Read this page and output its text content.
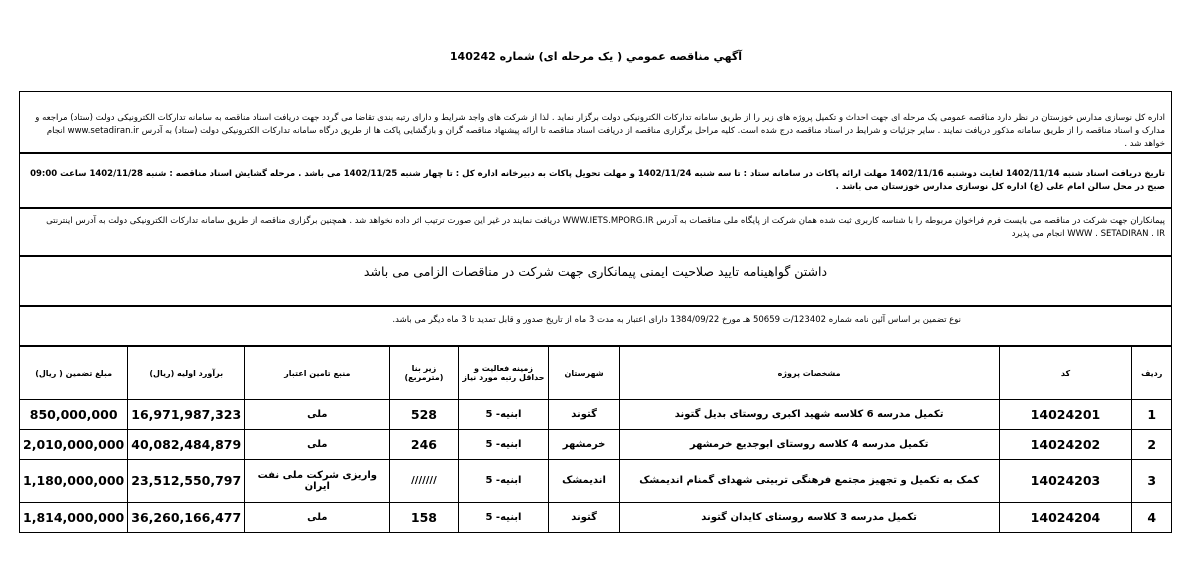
آگهي مناقصه عمومي ( يک مرحله ای) شماره 140242
اداره کل نوسازی مدارس خوزستان در نظر دارد مناقصه عمومی یک مرحله ای جهت احداث و تکمیل پروژه های زیر را از طریق سامانه تدارکات الکترونیکی دولت برگزار نماید . لذا از شرکت های واجد شرایط و دارای رتبه بندی تقاضا می گردد جهت دریافت اسناد مناقصه به سامانه تدارکات الکترونیکی دولت (ستاد) مراجعه و مدارک و اسناد مناقصه را از طریق سامانه مذکور دریافت نمایند . سایر جزئیات و شرایط در اسناد مناقصه درج شده است. کلیه مراحل برگزاری مناقصه از دریافت اسناد مناقصه تا ارائه پیشنهاد مناقصه گران و بازگشایی پاکت ها از طریق درگاه سامانه تدارکات الکترونیکی دولت (ستاد) به آدرس www.setadiran.ir انجام خواهد شد .
تاریخ دریافت اسناد شنبه 1402/11/14 لغایت دوشنبه 1402/11/16 مهلت ارائه پاکات در سامانه ستاد : تا سه شنبه 1402/11/24 و مهلت تحویل پاکات به دبیرخانه اداره کل : تا چهار شنبه 1402/11/25 می باشد . مرحله گشایش اسناد مناقصه : شنبه 1402/11/28 ساعت 09:00 صبح در محل سالن امام علی (ع) اداره کل نوسازی مدارس خوزستان می باشد .
پیمانکاران جهت شرکت در مناقصه می بایست فرم فراخوان مربوطه را با شناسه کاربری ثبت شده همان شرکت از پایگاه ملی مناقصات به آدرس WWW.IETS.MPORG.IR دریافت نمایند در غیر این صورت ترتیب اثر داده نخواهد شد . همچنین برگزاری مناقصه از طریق سامانه تدارکات الکترونیکی دولت به آدرس اینترنتی WWW . SETADIRAN . IR انجام می پذیرد
داشتن گواهینامه تایید صلاحیت ایمنی پیمانکاری جهت شرکت در مناقصات الزامی می باشد
نوع تضمین بر اساس آئین نامه شماره 123402/ت 50659 هـ مورخ 1384/09/22 دارای اعتبار به مدت 3 ماه از تاریخ صدور و قابل تمدید تا 3 ماه دیگر می باشد.
ردیف	کد	مشخصات پروژه	شهرستان	زمینه فعالیت و حداقل رتبه مورد نیاز	زیر بنا (مترمربع)	منبع تامین اعتبار	برآورد اولیه (ریال)	مبلغ تضمین ( ریال)
1	14024201	تکمیل مدرسه 6 کلاسه شهید اکبری روستای بدیل گتوند	گتوند	ابنیه- 5	528	ملی	16,971,987,323	850,000,000
2	14024202	تکمیل مدرسه 4 کلاسه روستای ابوجدیع خرمشهر	خرمشهر	ابنیه- 5	246	ملی	40,082,484,879	2,010,000,000
3	14024203	کمک به تکمیل و تجهیز مجتمع فرهنگی تربیتی شهدای گمنام اندیمشک	اندیمشک	ابنیه- 5	///////	واریزی شرکت ملی نفت ایران	23,512,550,797	1,180,000,000
4	14024204	تکمیل مدرسه 3 کلاسه روستای کایدان گتوند	گتوند	ابنیه- 5	158	ملی	36,260,166,477	1,814,000,000
